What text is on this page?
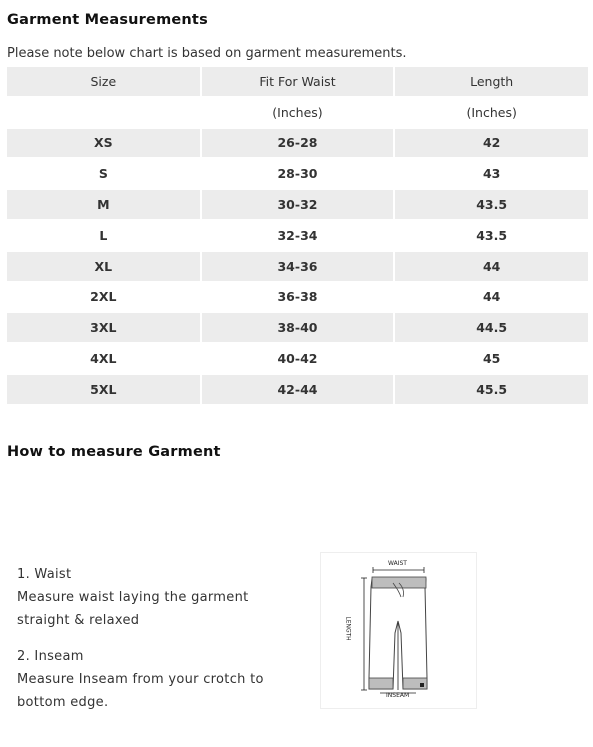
Garment Measurements
Please note below chart is based on garment measurements.
Size	Fit For Waist	Length
	(Inches)	(Inches)
XS	26-28	42
S	28-30	43
M	30-32	43.5
L	32-34	43.5
XL	34-36	44
2XL	36-38	44
3XL	38-40	44.5
4XL	40-42	45
5XL	42-44	45.5
How to measure Garment
1. Waist
Measure waist laying the garment
straight & relaxed
2. Inseam
Measure Inseam from your crotch to
bottom edge.
WAIST
LENGTH
INSEAM
